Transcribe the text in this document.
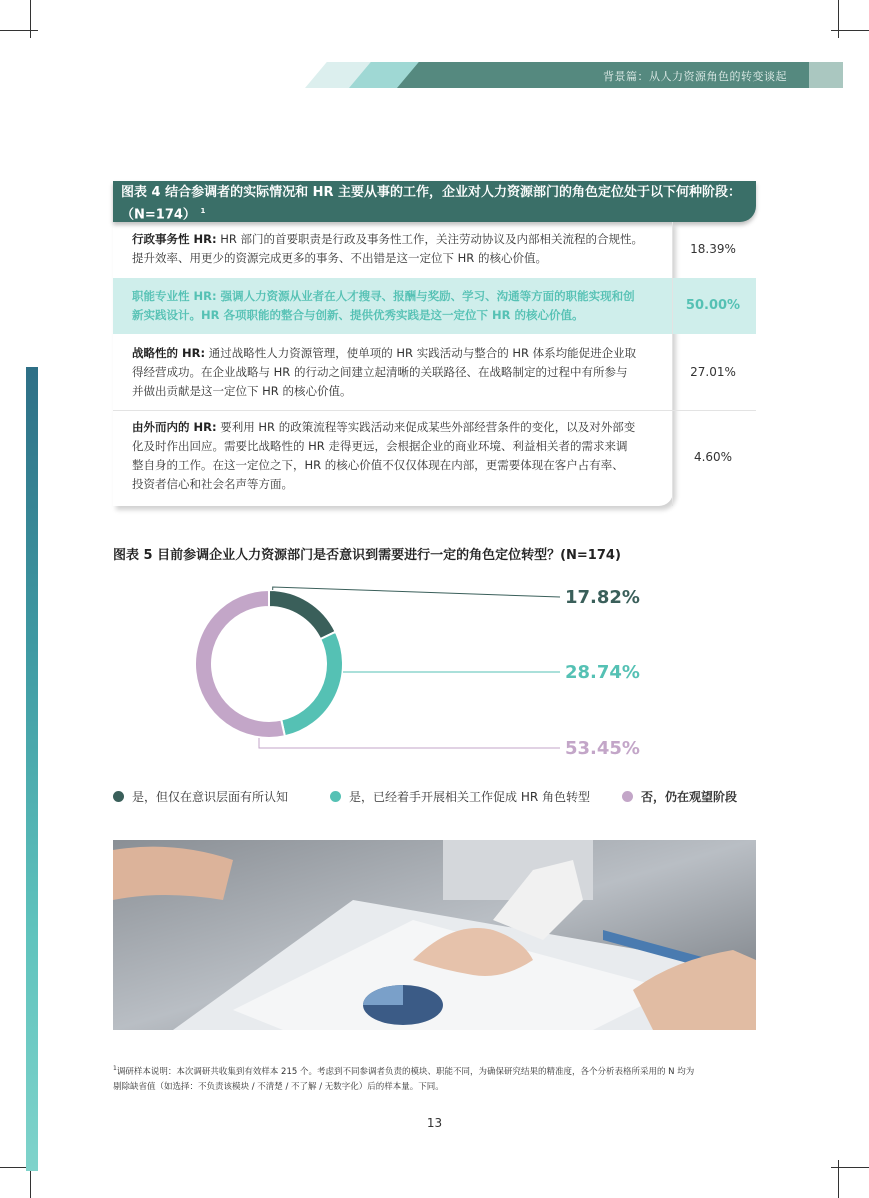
背景篇：从人力资源角色的转变谈起
图表 4 结合参调者的实际情况和 HR 主要从事的工作，企业对人力资源部门的角色定位处于以下何种阶段：（N=174） $^1$
行政事务性 HR: HR 部门的首要职责是行政及事务性工作，关注劳动协议及内部相关流程的合规性。
提升效率、用更少的资源完成更多的事务、不出错是这一定位下 HR 的核心价值。
18.39%
职能专业性 HR: 强调人力资源从业者在人才搜寻、报酬与奖励、学习、沟通等方面的职能实现和创
新实践设计。HR 各项职能的整合与创新、提供优秀实践是这一定位下 HR 的核心价值。
50.00%
战略性的 HR: 通过战略性人力资源管理，使单项的 HR 实践活动与整合的 HR 体系均能促进企业取
得经营成功。在企业战略与 HR 的行动之间建立起清晰的关联路径、在战略制定的过程中有所参与
并做出贡献是这一定位下 HR 的核心价值。
27.01%
由外而内的 HR: 要利用 HR 的政策流程等实践活动来促成某些外部经营条件的变化，以及对外部变
化及时作出回应。需要比战略性的 HR 走得更远，会根据企业的商业环境、利益相关者的需求来调
整自身的工作。在这一定位之下，HR 的核心价值不仅仅体现在内部，更需要体现在客户占有率、
投资者信心和社会名声等方面。
4.60%
图表 5 目前参调企业人力资源部门是否意识到需要进行一定的角色定位转型？(N=174)
17.82%
28.74%
53.45%
是，但仅在意识层面有所认知	是，已经着手开展相关工作促成 HR 角色转型	否，仍在观望阶段
$^1$调研样本说明：本次调研共收集到有效样本 215 个。考虑到不同参调者负责的模块、职能不同，为确保研究结果的精准度，各个分析表格所采用的 N 均为
剔除缺省值（如选择：不负责该模块 / 不清楚 / 不了解 / 无数字化）后的样本量。下同。
13
